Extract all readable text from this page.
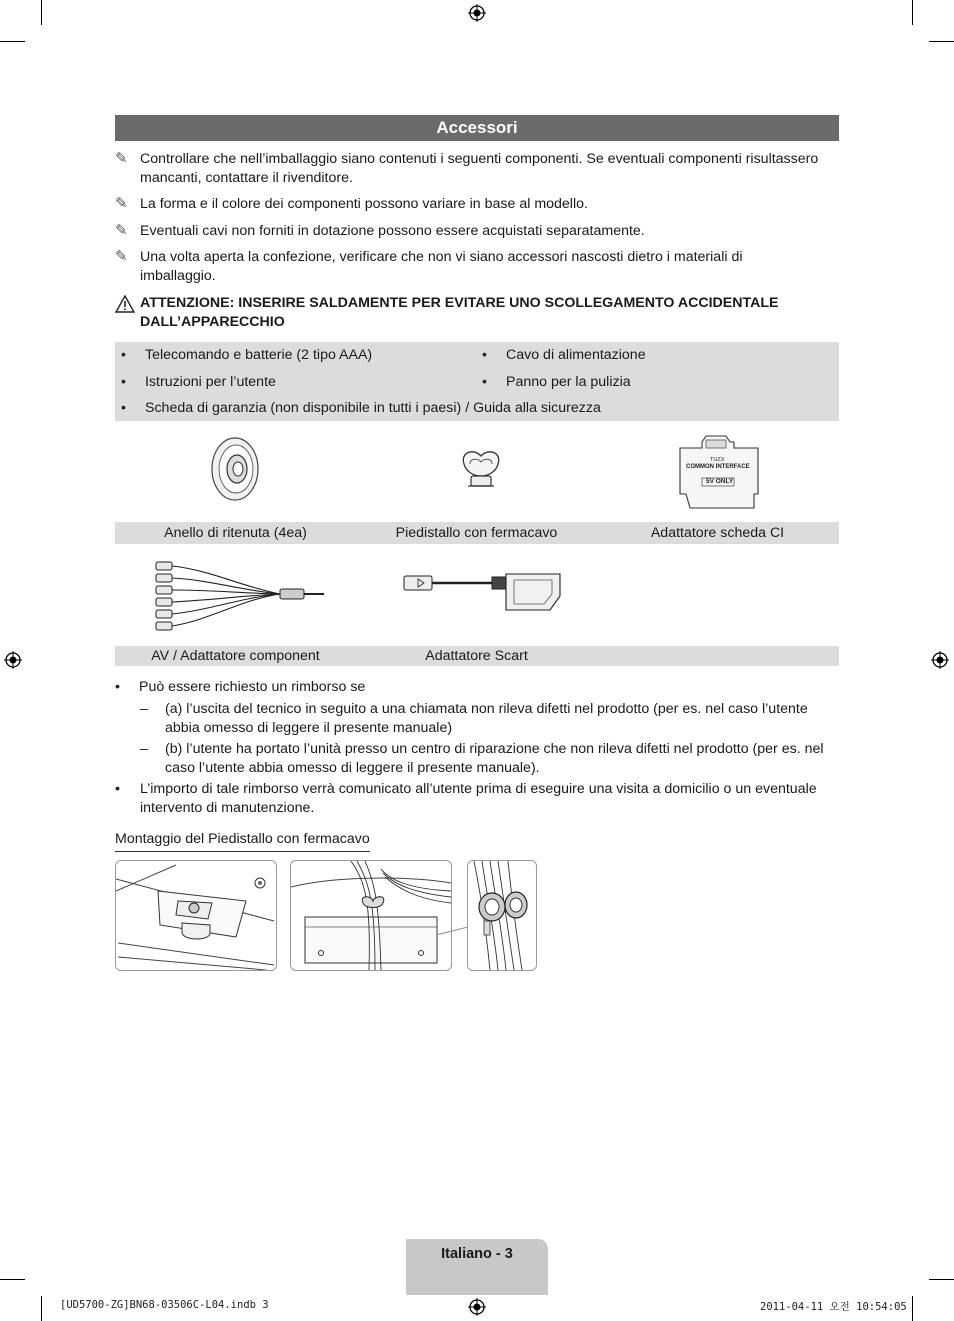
Accessori
✎ Controllare che nell’imballaggio siano contenuti i seguenti componenti. Se eventuali componenti risultassero mancanti, contattare il rivenditore.
✎ La forma e il colore dei componenti possono variare in base al modello.
✎ Eventuali cavi non forniti in dotazione possono essere acquistati separatamente.
✎ Una volta aperta la confezione, verificare che non vi siano accessori nascosti dietro i materiali di imballaggio.
ATTENZIONE: INSERIRE SALDAMENTE PER EVITARE UNO SCOLLEGAMENTO ACCIDENTALE DALL’APPARECCHIO
• Telecomando e batterie (2 tipo AAA)	• Cavo di alimentazione
• Istruzioni per l’utente	• Panno per la pulizia
• Scheda di garanzia (non disponibile in tutti i paesi) / Guida alla sicurezza
TUZX
COMMON INTERFACE
5V ONLY
Anello di ritenuta (4ea)	Piedistallo con fermacavo	Adattatore scheda CI
AV / Adattatore component	Adattatore Scart
• Può essere richiesto un rimborso se
– (a) l’uscita del tecnico in seguito a una chiamata non rileva difetti nel prodotto (per es. nel caso l’utente abbia omesso di leggere il presente manuale)
– (b) l’utente ha portato l’unità presso un centro di riparazione che non rileva difetti nel prodotto (per es. nel caso l’utente abbia omesso di leggere il presente manuale).
• L’importo di tale rimborso verrà comunicato all’utente prima di eseguire una visita a domicilio o un eventuale intervento di manutenzione.
Montaggio del Piedistallo con fermacavo
Italiano - 3
[UD5700-ZG]BN68-03506C-L04.indb 3	2011-04-11 오전 10:54:05
